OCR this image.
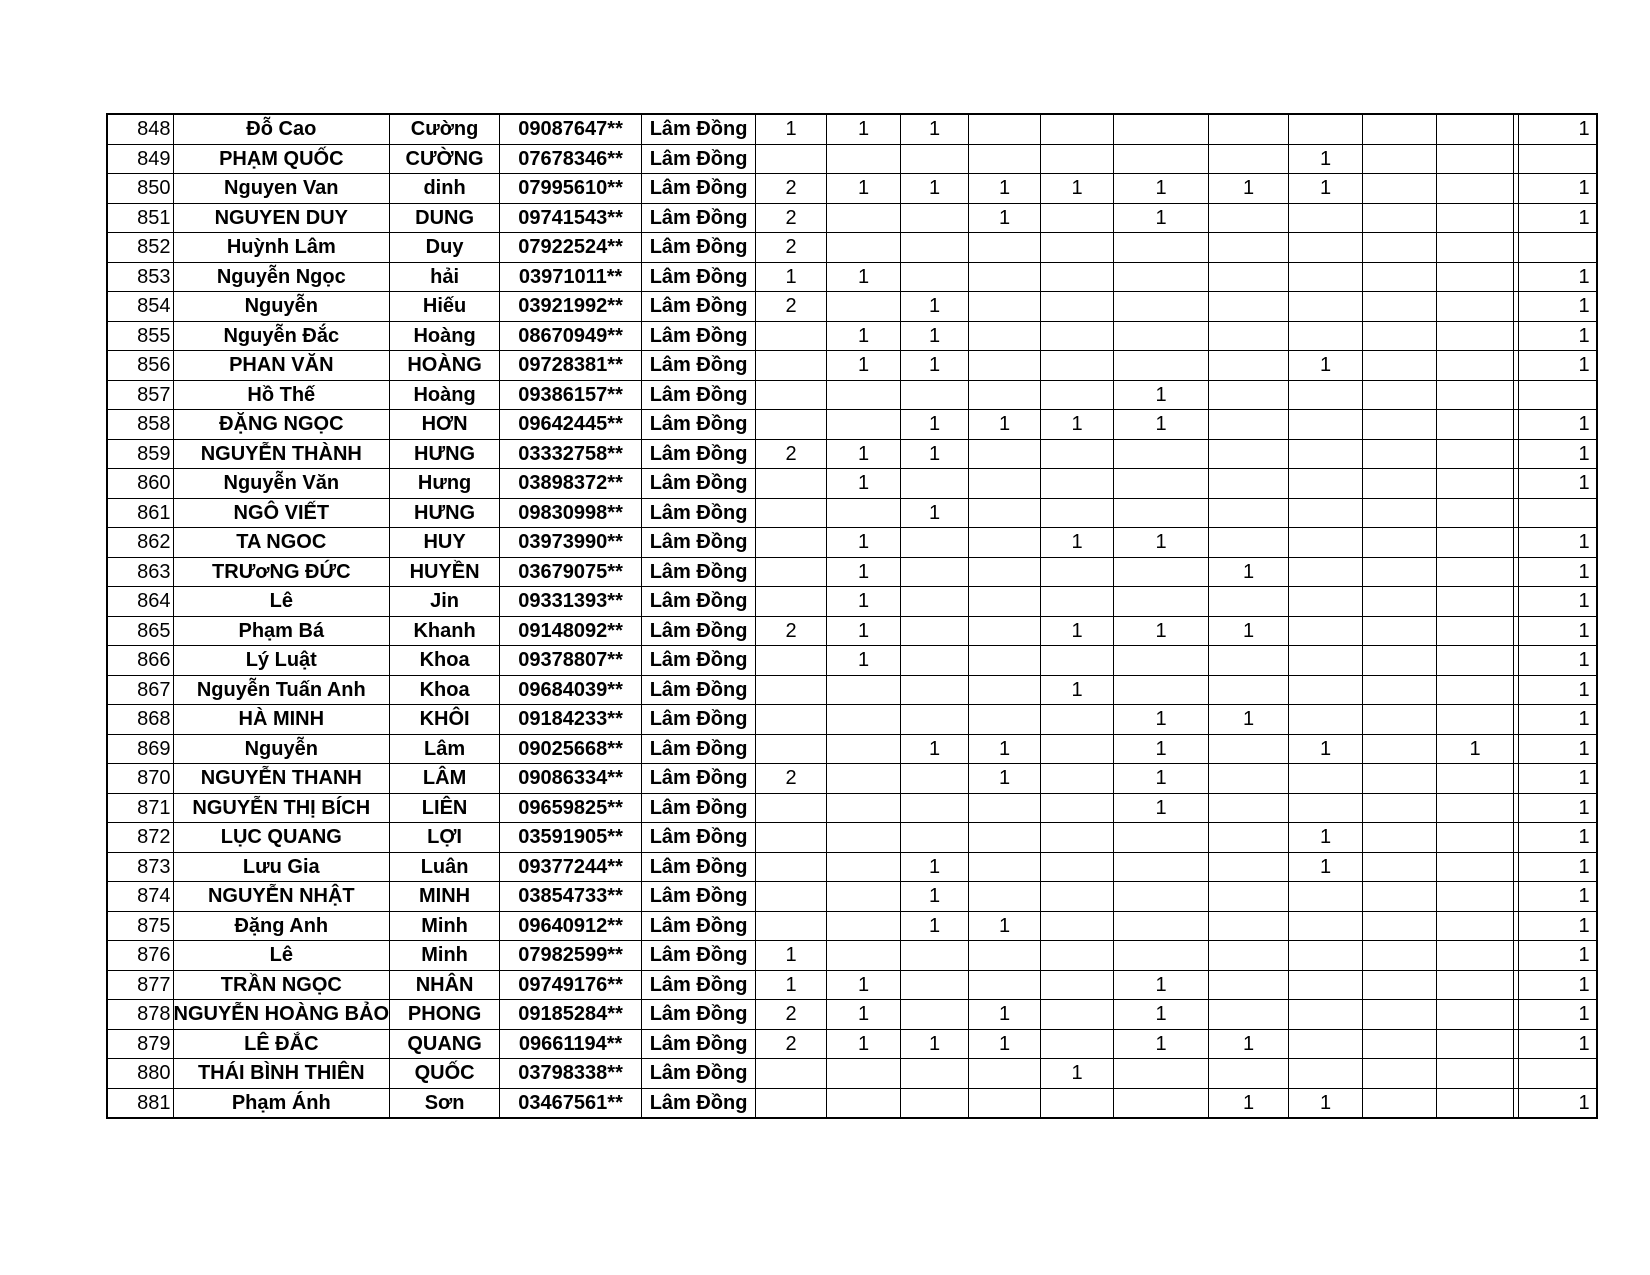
848	Đỗ Cao	Cường	09087647**	Lâm Đồng	1	1	1									1
849	PHẠM QUỐC	CƯỜNG	07678346**	Lâm Đồng								1				
850	Nguyen Van	dinh	07995610**	Lâm Đồng	2	1	1	1	1	1	1	1				1
851	NGUYEN DUY	DUNG	09741543**	Lâm Đồng	2			1		1						1
852	Huỳnh Lâm	Duy	07922524**	Lâm Đồng	2											
853	Nguyễn Ngọc	hải	03971011**	Lâm Đồng	1	1										1
854	Nguyễn	Hiếu	03921992**	Lâm Đồng	2		1									1
855	Nguyễn Đắc	Hoàng	08670949**	Lâm Đồng		1	1									1
856	PHAN VĂN	HOÀNG	09728381**	Lâm Đồng		1	1					1				1
857	Hồ Thế	Hoàng	09386157**	Lâm Đồng						1						
858	ĐẶNG NGỌC	HƠN	09642445**	Lâm Đồng			1	1	1	1						1
859	NGUYỄN THÀNH	HƯNG	03332758**	Lâm Đồng	2	1	1									1
860	Nguyễn Văn	Hưng	03898372**	Lâm Đồng		1										1
861	NGÔ VIẾT	HƯNG	09830998**	Lâm Đồng			1									
862	TA NGOC	HUY	03973990**	Lâm Đồng		1			1	1						1
863	TRƯơNG ĐỨC	HUYỀN	03679075**	Lâm Đồng		1					1					1
864	Lê	Jin	09331393**	Lâm Đồng		1										1
865	Phạm Bá	Khanh	09148092**	Lâm Đồng	2	1			1	1	1					1
866	Lý Luật	Khoa	09378807**	Lâm Đồng		1										1
867	Nguyễn Tuấn Anh	Khoa	09684039**	Lâm Đồng					1							1
868	HÀ MINH	KHÔI	09184233**	Lâm Đồng						1	1					1
869	Nguyễn	Lâm	09025668**	Lâm Đồng			1	1		1		1		1		1
870	NGUYỄN THANH	LÂM	09086334**	Lâm Đồng	2			1		1						1
871	NGUYỄN THỊ BÍCH	LIÊN	09659825**	Lâm Đồng						1						1
872	LỤC QUANG	LỢI	03591905**	Lâm Đồng								1				1
873	Lưu Gia	Luân	09377244**	Lâm Đồng			1					1				1
874	NGUYỄN NHẬT	MINH	03854733**	Lâm Đồng			1									1
875	Đặng Anh	Minh	09640912**	Lâm Đồng			1	1								1
876	Lê	Minh	07982599**	Lâm Đồng	1											1
877	TRẦN NGỌC	NHÂN	09749176**	Lâm Đồng	1	1				1						1
878	NGUYỄN HOÀNG BẢO	PHONG	09185284**	Lâm Đồng	2	1		1		1						1
879	LÊ ĐẮC	QUANG	09661194**	Lâm Đồng	2	1	1	1		1	1					1
880	THÁI BÌNH THIÊN	QUỐC	03798338**	Lâm Đồng					1							
881	Phạm Ánh	Sơn	03467561**	Lâm Đồng							1	1				1
